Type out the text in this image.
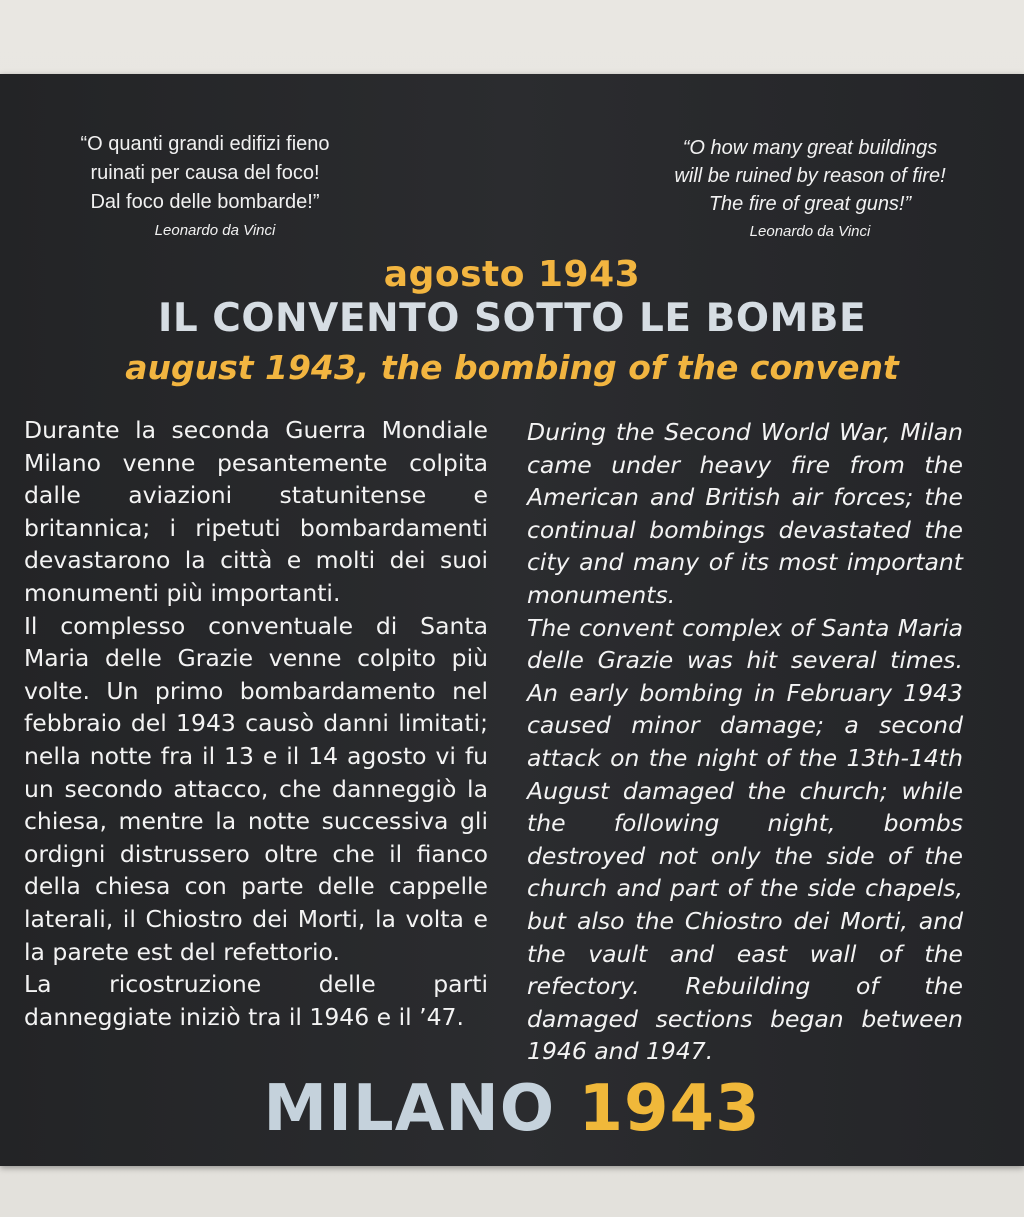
“O quanti grandi edifizi fieno
ruinati per causa del foco!
Dal foco delle bombarde!”
Leonardo da Vinci
“O how many great buildings
will be ruined by reason of fire!
The fire of great guns!”
Leonardo da Vinci
agosto 1943
IL CONVENTO SOTTO LE BOMBE
august 1943, the bombing of the convent

Durante la seconda Guerra Mondiale Milano venne pesantemente colpita dalle aviazioni statunitense e britannica; i ripetuti bombardamenti devastarono la città e molti dei suoi monumenti più importanti.

Il complesso conventuale di Santa Maria delle Grazie venne colpito più volte. Un primo bombardamento nel febbraio del 1943 causò danni limitati; nella notte fra il 13 e il 14 agosto vi fu un secondo attacco, che danneggiò la chiesa, mentre la notte successiva gli ordigni distrussero oltre che il fianco della chiesa con parte delle cappelle laterali, il Chiostro dei Morti, la volta e la parete est del refettorio.

La ricostruzione delle parti danneggiate iniziò tra il 1946 e il ’47.

During the Second World War, Milan came under heavy fire from the American and British air forces; the continual bombings devastated the city and many of its most important monuments.

The convent complex of Santa Maria delle Grazie was hit several times. An early bombing in February 1943 caused minor damage; a second attack on the night of the 13th-14th August damaged the church; while the following night, bombs destroyed not only the side of the church and part of the side chapels, but also the Chiostro dei Morti, and the vault and east wall of the refectory. Rebuilding of the damaged sections began between 1946 and 1947.

MILANO 1943
